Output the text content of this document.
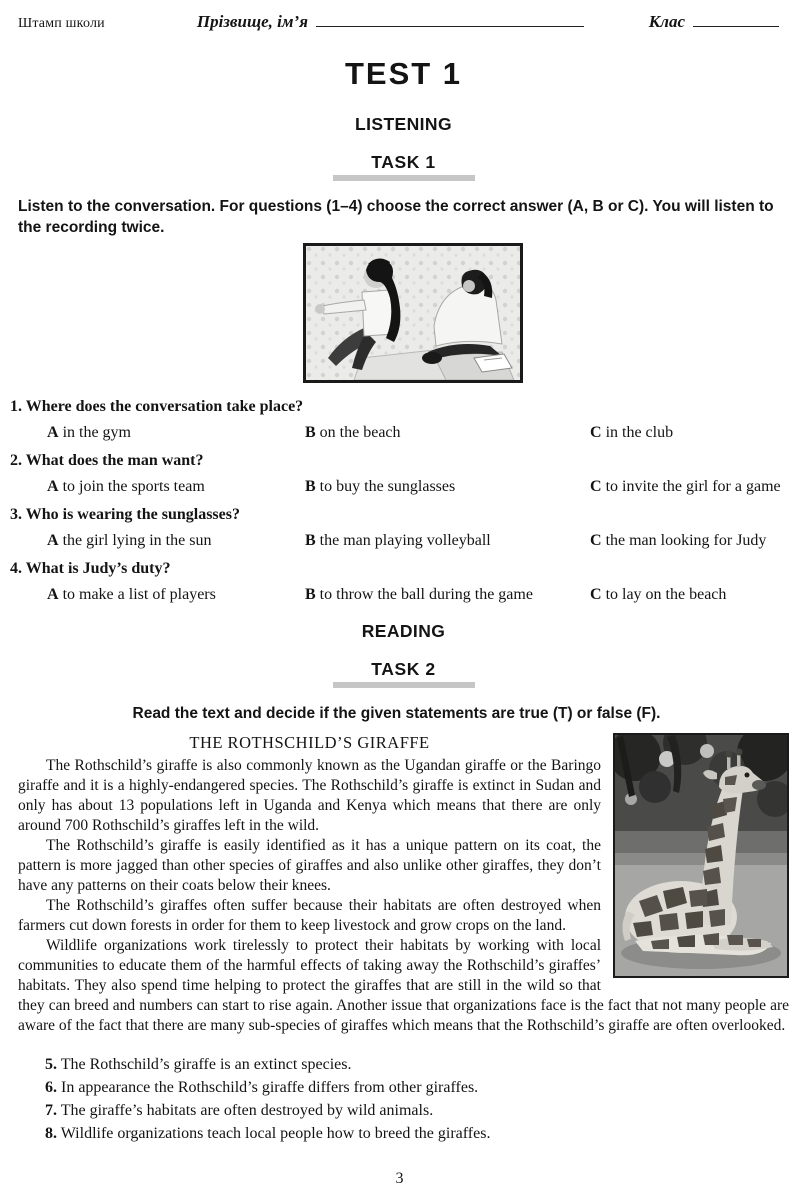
Штамп школи	Прізвище, ім’я	Клас
TEST 1
LISTENING
TASK 1
Listen to the conversation. For questions (1–4) choose the correct answer (A, B or C). You will listen to the recording twice.
1. Where does the conversation take place?
A in the gym	B on the beach	C in the club
2. What does the man want?
A to join the sports team	B to buy the sunglasses	C to invite the girl for a game
3. Who is wearing the sunglasses?
A the girl lying in the sun	B the man playing volleyball	C the man looking for Judy
4. What is Judy’s duty?
A to make a list of players	B to throw the ball during the game	C to lay on the beach
READING
TASK 2
Read the text and decide if the given statements are true (T) or false (F).
THE ROTHSCHILD’S GIRAFFE

The Rothschild’s giraffe is also commonly known as the Ugandan giraffe or the Baringo giraffe and it is a highly-endangered species. The Rothschild’s giraffe is extinct in Sudan and only has about 13 populations left in Uganda and Kenya which means that there are only around 700 Rothschild’s giraffes left in the wild.

The Rothschild’s giraffe is easily identified as it has a unique pattern on its coat, the pattern is more jagged than other species of giraffes and also unlike other giraffes, they don’t have any patterns on their coats below their knees.

The Rothschild’s giraffes often suffer because their habitats are often destroyed when farmers cut down forests in order for them to keep livestock and grow crops on the land.

Wildlife organizations work tirelessly to protect their habitats by working with local communities to educate them of the harmful effects of taking away the Rothschild’s giraffes’ habitats. They also spend time helping to protect the giraffes that are still in the wild so that they can breed and numbers can start to rise again. Another issue that organizations face is the fact that not many people are aware of the fact that there are many sub-species of giraffes which means that the Rothschild’s giraffe are often overlooked.

5. The Rothschild’s giraffe is an extinct species.
6. In appearance the Rothschild’s giraffe differs from other giraffes.
7. The giraffe’s habitats are often destroyed by wild animals.
8. Wildlife organizations teach local people how to breed the giraffes.
3
